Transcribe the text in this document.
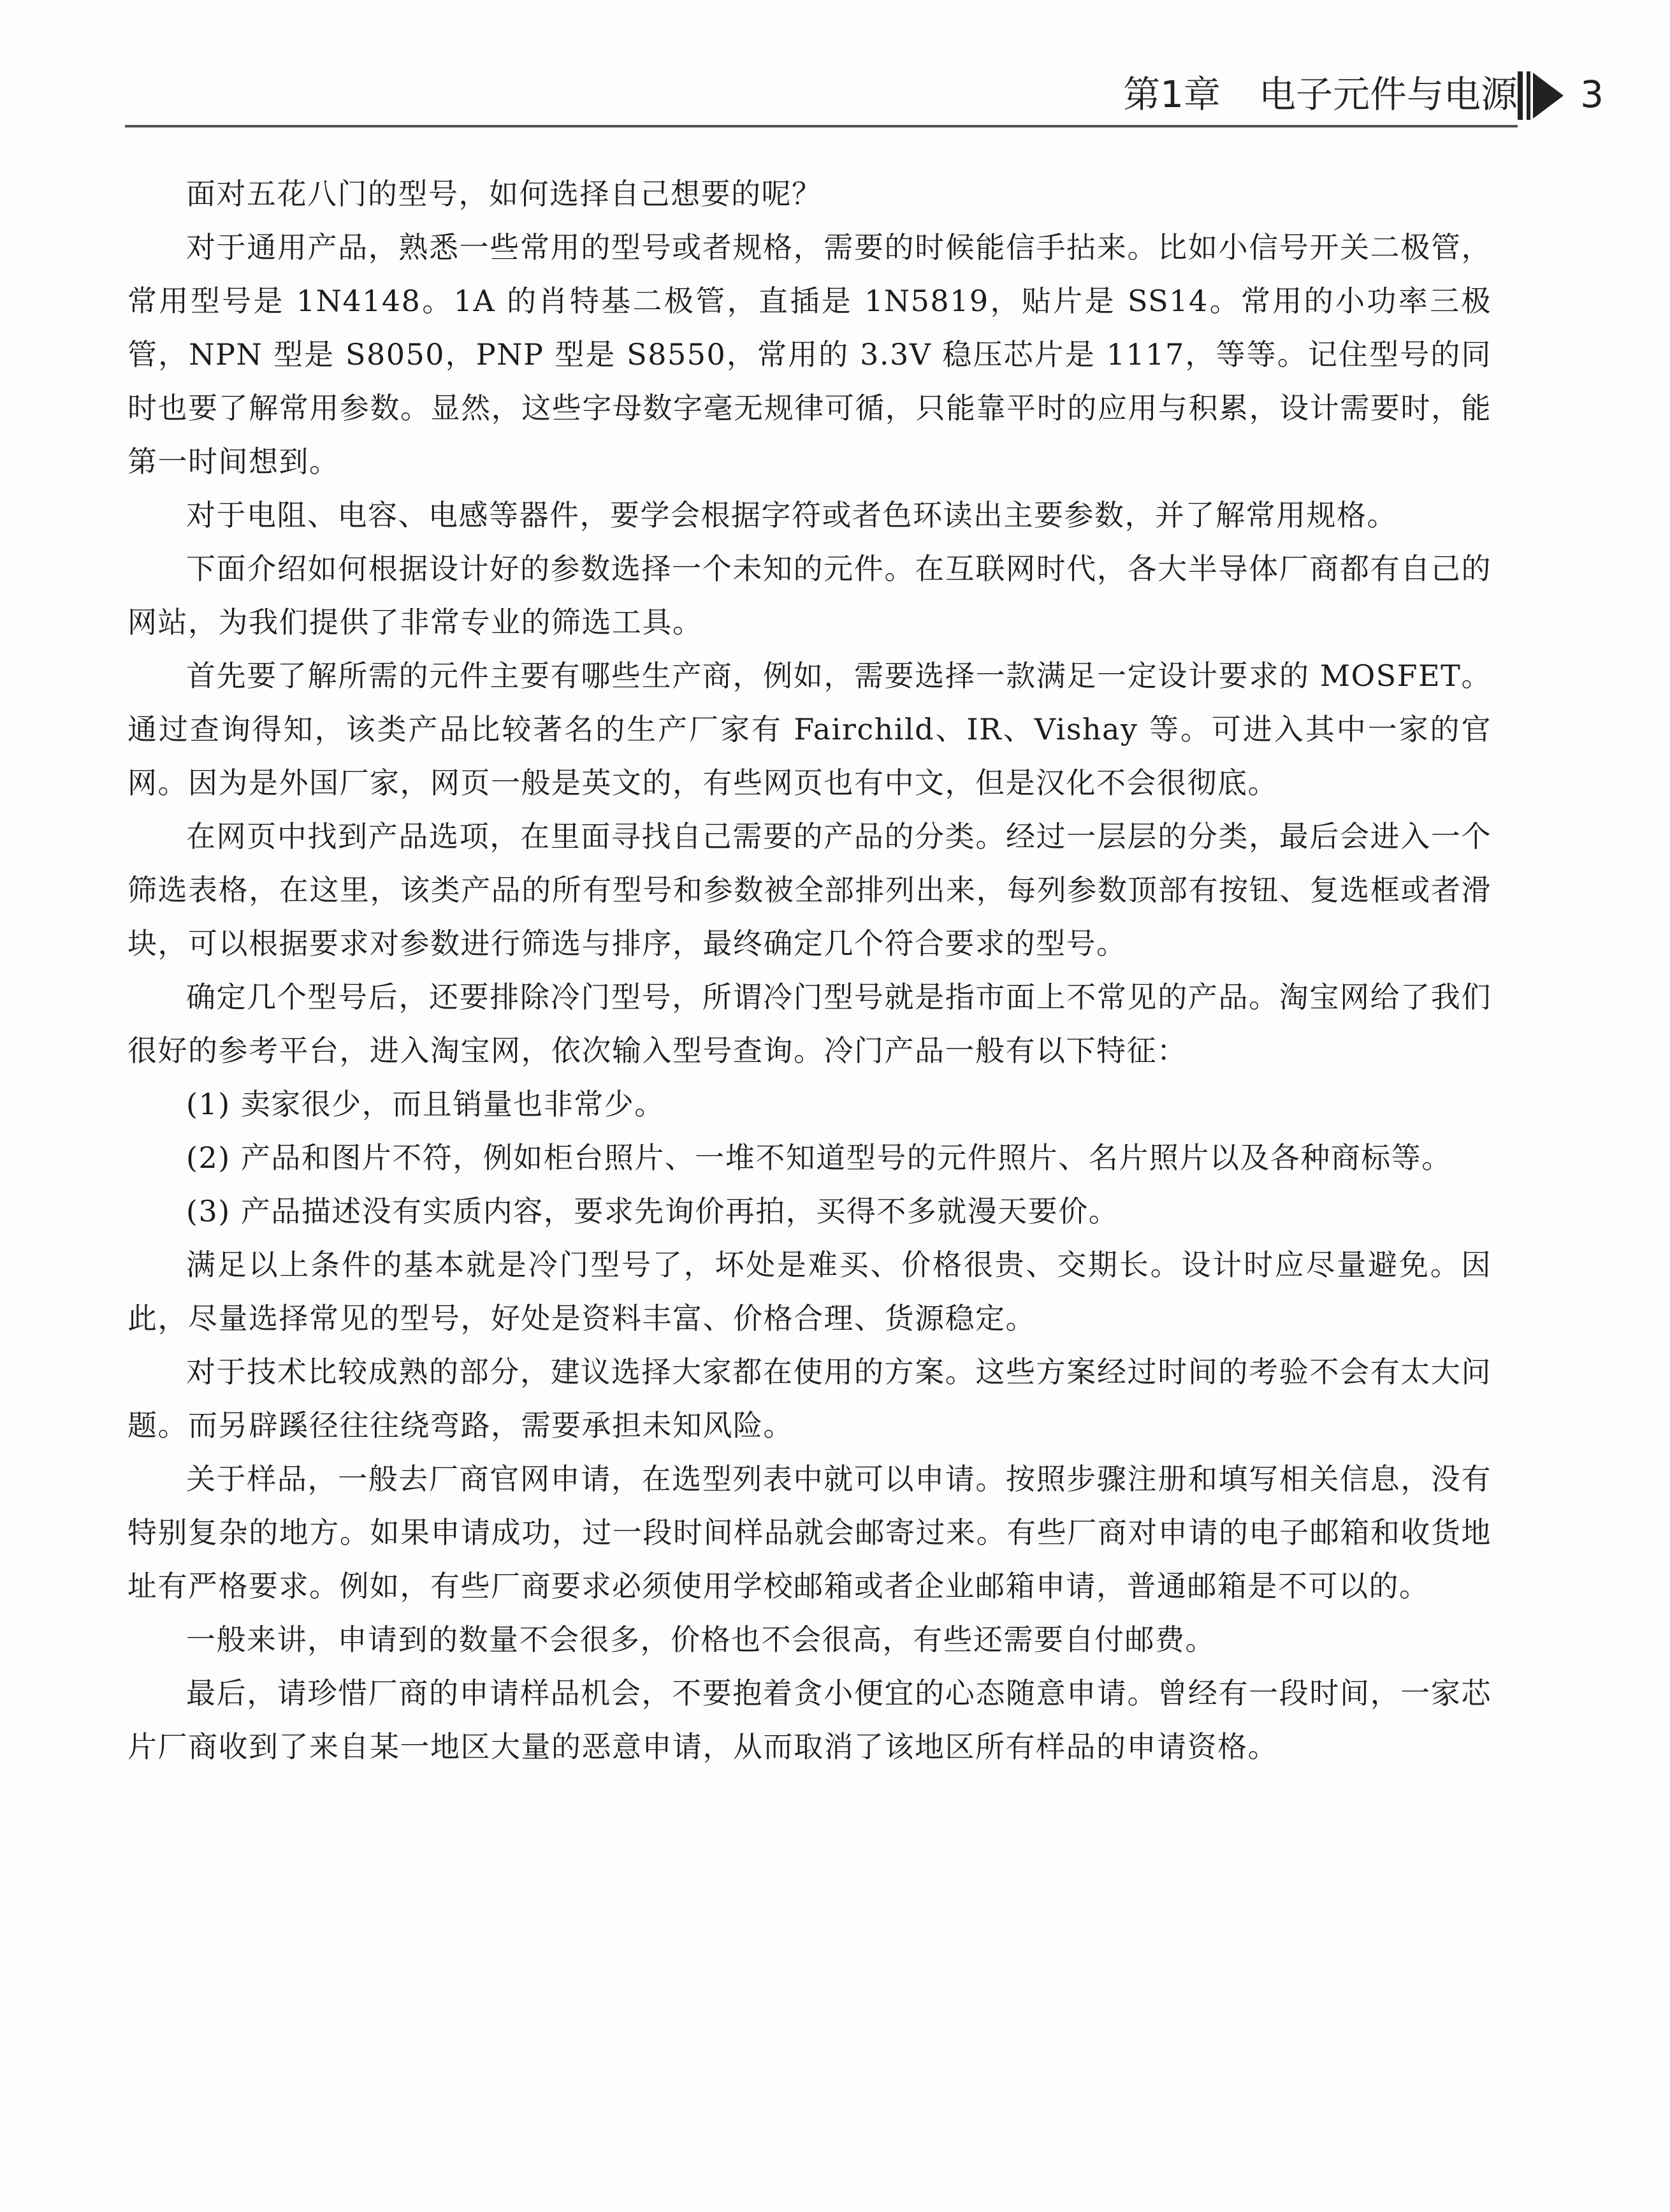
第1章 电子元件与电源 3

面对五花八门的型号，如何选择自己想要的呢？

对于通用产品，熟悉一些常用的型号或者规格，需要的时候能信手拈来。比如小信号开关二极管，常用型号是 1N4148。1A 的肖特基二极管，直插是 1N5819，贴片是 SS14。常用的小功率三极管，NPN 型是 S8050，PNP 型是 S8550，常用的 3.3V 稳压芯片是 1117，等等。记住型号的同时也要了解常用参数。显然，这些字母数字毫无规律可循，只能靠平时的应用与积累，设计需要时，能第一时间想到。

对于电阻、电容、电感等器件，要学会根据字符或者色环读出主要参数，并了解常用规格。

下面介绍如何根据设计好的参数选择一个未知的元件。在互联网时代，各大半导体厂商都有自己的网站，为我们提供了非常专业的筛选工具。

首先要了解所需的元件主要有哪些生产商，例如，需要选择一款满足一定设计要求的 MOSFET。通过查询得知，该类产品比较著名的生产厂家有 Fairchild、IR、Vishay 等。可进入其中一家的官网。因为是外国厂家，网页一般是英文的，有些网页也有中文，但是汉化不会很彻底。

在网页中找到产品选项，在里面寻找自己需要的产品的分类。经过一层层的分类，最后会进入一个筛选表格，在这里，该类产品的所有型号和参数被全部排列出来，每列参数顶部有按钮、复选框或者滑块，可以根据要求对参数进行筛选与排序，最终确定几个符合要求的型号。

确定几个型号后，还要排除冷门型号，所谓冷门型号就是指市面上不常见的产品。淘宝网给了我们很好的参考平台，进入淘宝网，依次输入型号查询。冷门产品一般有以下特征：

(1) 卖家很少，而且销量也非常少。

(2) 产品和图片不符，例如柜台照片、一堆不知道型号的元件照片、名片照片以及各种商标等。

(3) 产品描述没有实质内容，要求先询价再拍，买得不多就漫天要价。

满足以上条件的基本就是冷门型号了，坏处是难买、价格很贵、交期长。设计时应尽量避免。因此，尽量选择常见的型号，好处是资料丰富、价格合理、货源稳定。

对于技术比较成熟的部分，建议选择大家都在使用的方案。这些方案经过时间的考验不会有太大问题。而另辟蹊径往往绕弯路，需要承担未知风险。

关于样品，一般去厂商官网申请，在选型列表中就可以申请。按照步骤注册和填写相关信息，没有特别复杂的地方。如果申请成功，过一段时间样品就会邮寄过来。有些厂商对申请的电子邮箱和收货地址有严格要求。例如，有些厂商要求必须使用学校邮箱或者企业邮箱申请，普通邮箱是不可以的。

一般来讲，申请到的数量不会很多，价格也不会很高，有些还需要自付邮费。

最后，请珍惜厂商的申请样品机会，不要抱着贪小便宜的心态随意申请。曾经有一段时间，一家芯片厂商收到了来自某一地区大量的恶意申请，从而取消了该地区所有样品的申请资格。
